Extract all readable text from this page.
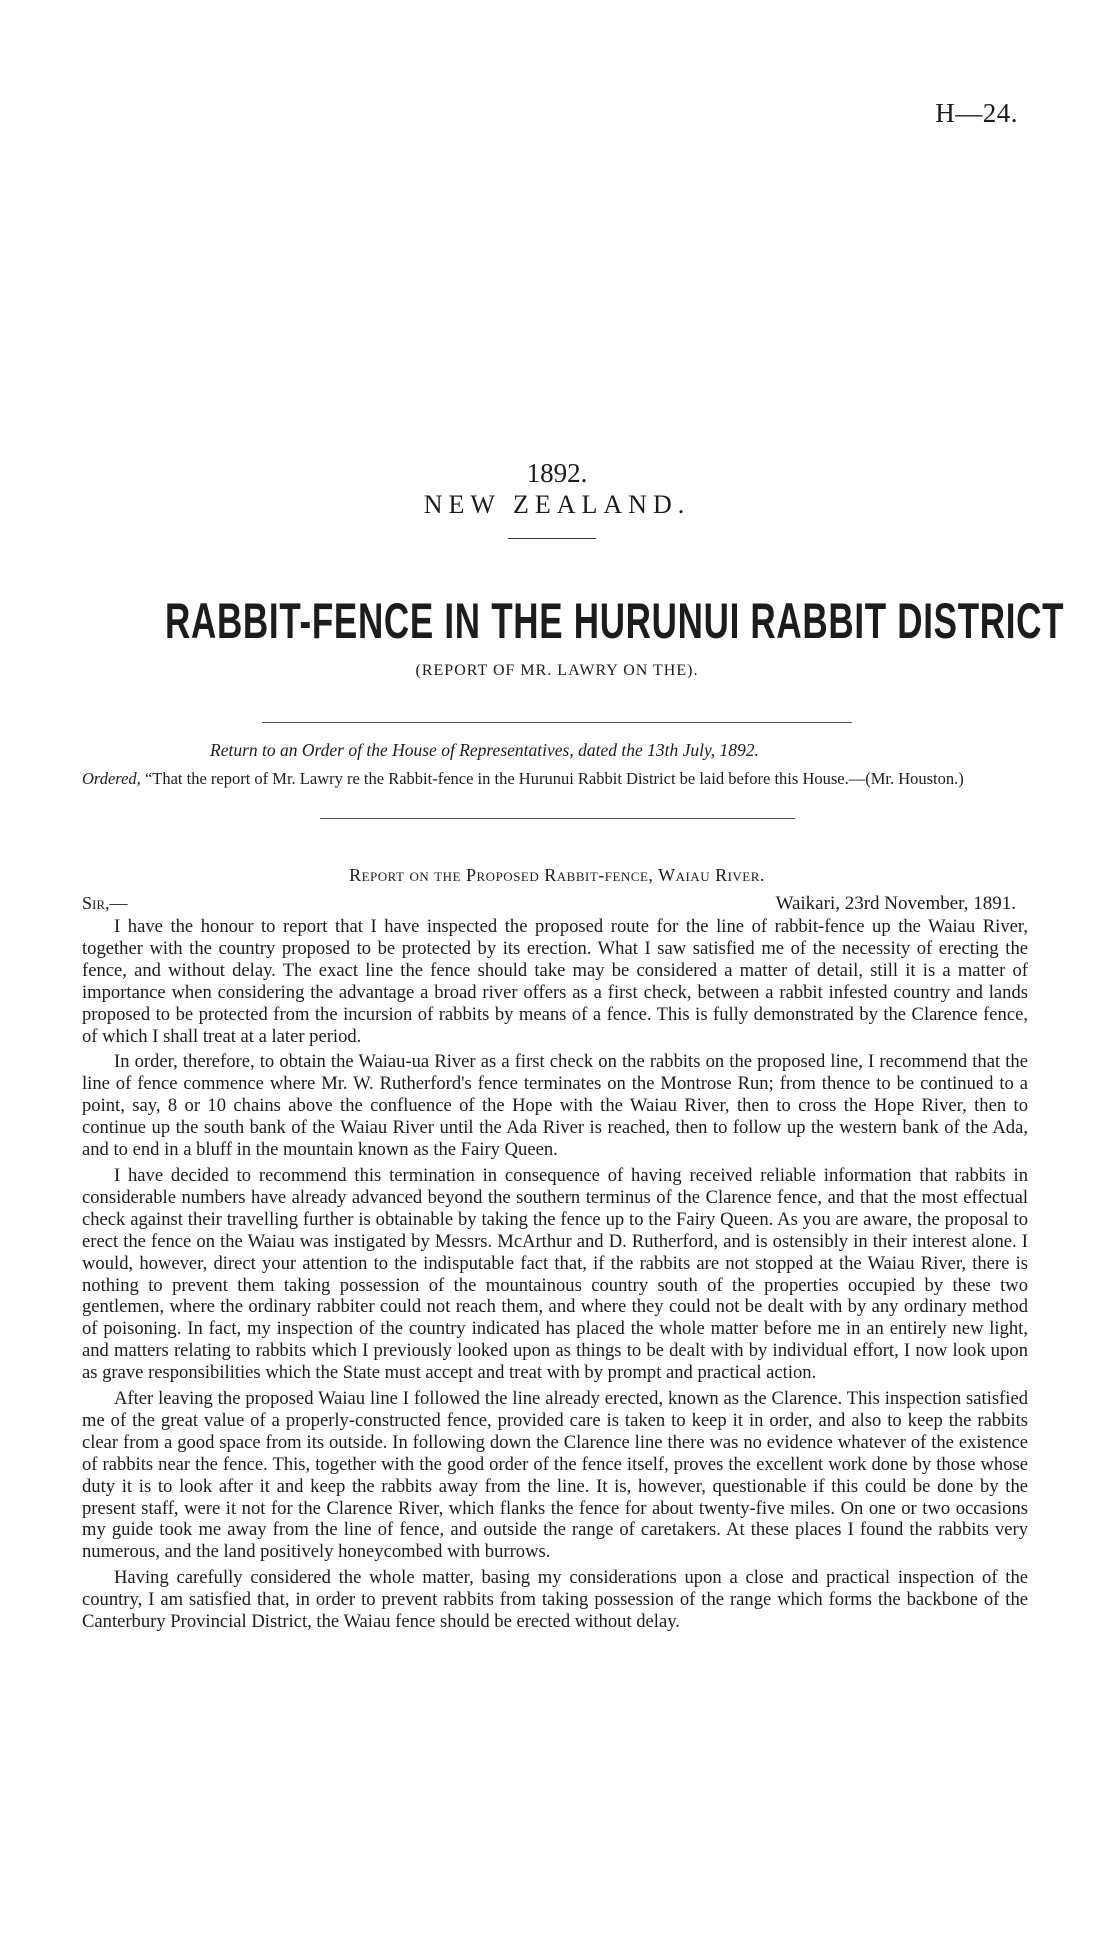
H—24.
1892.
NEW ZEALAND.
RABBIT-FENCE IN THE HURUNUI RABBIT DISTRICT
(REPORT OF MR. LAWRY ON THE).
Return to an Order of the House of Representatives, dated the 13th July, 1892.
Ordered, “That the report of Mr. Lawry re the Rabbit-fence in the Hurunui Rabbit District be laid before this House.—(Mr. Houston.)
Report on the Proposed Rabbit-fence, Waiau River.
Sir,—	Waikari, 23rd November, 1891.

I have the honour to report that I have inspected the proposed route for the line of rabbit-fence up the Waiau River, together with the country proposed to be protected by its erection. What I saw satisfied me of the necessity of erecting the fence, and without delay. The exact line the fence should take may be considered a matter of detail, still it is a matter of importance when considering the advantage a broad river offers as a first check, between a rabbit infested country and lands proposed to be protected from the incursion of rabbits by means of a fence. This is fully demonstrated by the Clarence fence, of which I shall treat at a later period.

In order, therefore, to obtain the Waiau-ua River as a first check on the rabbits on the proposed line, I recommend that the line of fence commence where Mr. W. Rutherford's fence terminates on the Montrose Run; from thence to be continued to a point, say, 8 or 10 chains above the confluence of the Hope with the Waiau River, then to cross the Hope River, then to continue up the south bank of the Waiau River until the Ada River is reached, then to follow up the western bank of the Ada, and to end in a bluff in the mountain known as the Fairy Queen.

I have decided to recommend this termination in consequence of having received reliable information that rabbits in considerable numbers have already advanced beyond the southern terminus of the Clarence fence, and that the most effectual check against their travelling further is obtainable by taking the fence up to the Fairy Queen. As you are aware, the proposal to erect the fence on the Waiau was instigated by Messrs. McArthur and D. Rutherford, and is ostensibly in their interest alone. I would, however, direct your attention to the indisputable fact that, if the rabbits are not stopped at the Waiau River, there is nothing to prevent them taking possession of the mountainous country south of the properties occupied by these two gentlemen, where the ordinary rabbiter could not reach them, and where they could not be dealt with by any ordinary method of poisoning. In fact, my inspection of the country indicated has placed the whole matter before me in an entirely new light, and matters relating to rabbits which I previously looked upon as things to be dealt with by individual effort, I now look upon as grave responsibilities which the State must accept and treat with by prompt and practical action.

After leaving the proposed Waiau line I followed the line already erected, known as the Clarence. This inspection satisfied me of the great value of a properly-constructed fence, provided care is taken to keep it in order, and also to keep the rabbits clear from a good space from its outside. In following down the Clarence line there was no evidence whatever of the existence of rabbits near the fence. This, together with the good order of the fence itself, proves the excellent work done by those whose duty it is to look after it and keep the rabbits away from the line. It is, however, questionable if this could be done by the present staff, were it not for the Clarence River, which flanks the fence for about twenty-five miles. On one or two occasions my guide took me away from the line of fence, and outside the range of caretakers. At these places I found the rabbits very numerous, and the land positively honeycombed with burrows.

Having carefully considered the whole matter, basing my considerations upon a close and practical inspection of the country, I am satisfied that, in order to prevent rabbits from taking possession of the range which forms the backbone of the Canterbury Provincial District, the Waiau fence should be erected without delay.
